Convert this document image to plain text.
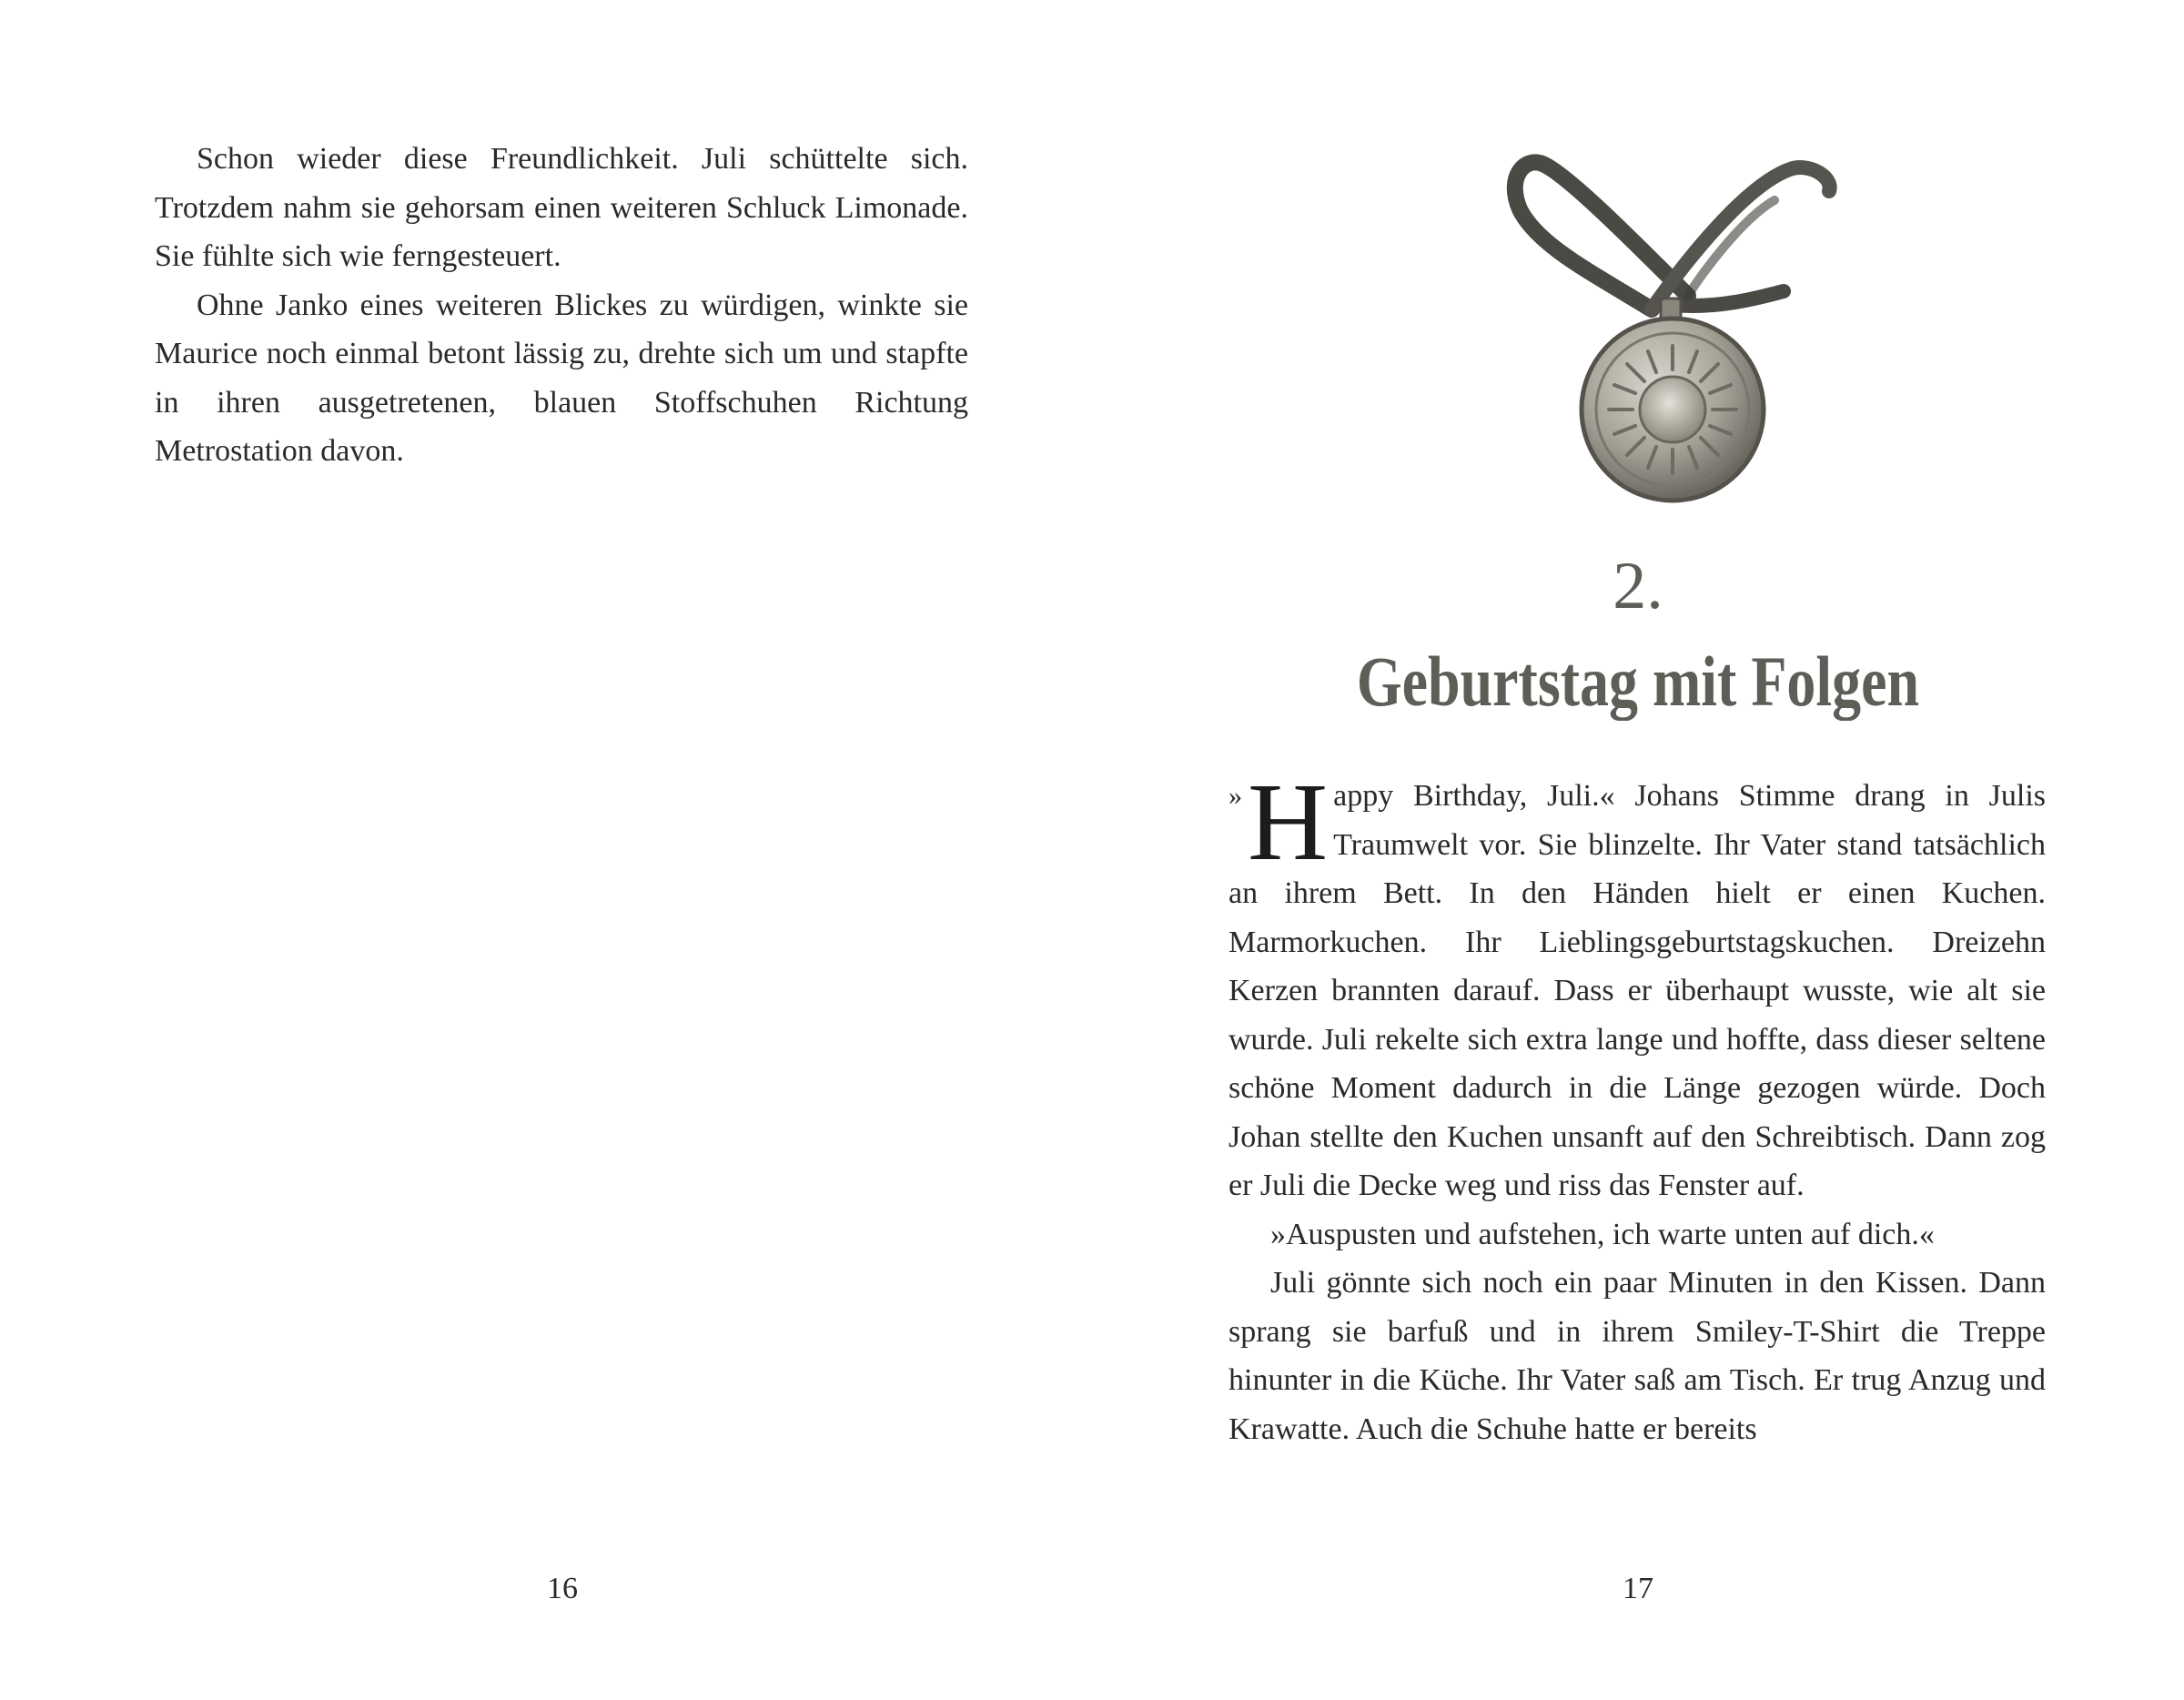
Schon wieder diese Freundlichkeit. Juli schüttelte sich. Trotzdem nahm sie gehorsam einen weiteren Schluck Limonade. Sie fühlte sich wie ferngesteuert.

Ohne Janko eines weiteren Blickes zu würdigen, winkte sie Maurice noch einmal betont lässig zu, drehte sich um und stapfte in ihren ausgetretenen, blauen Stoffschuhen Richtung Metrostation davon.

16
2.
Geburtstag mit Folgen

» H appy Birthday, Juli.« Johans Stimme drang in Julis Traumwelt vor. Sie blinzelte. Ihr Vater stand tatsächlich an ihrem Bett. In den Händen hielt er einen Kuchen. Marmorkuchen. Ihr Lieblingsgeburtstagskuchen. Dreizehn Kerzen brannten darauf. Dass er überhaupt wusste, wie alt sie wurde. Juli rekelte sich extra lange und hoffte, dass dieser seltene schöne Moment dadurch in die Länge gezogen würde. Doch Johan stellte den Kuchen unsanft auf den Schreibtisch. Dann zog er Juli die Decke weg und riss das Fenster auf.

»Auspusten und aufstehen, ich warte unten auf dich.«

Juli gönnte sich noch ein paar Minuten in den Kissen. Dann sprang sie barfuß und in ihrem Smiley-T-Shirt die Treppe hinunter in die Küche. Ihr Vater saß am Tisch. Er trug Anzug und Krawatte. Auch die Schuhe hatte er bereits

17
